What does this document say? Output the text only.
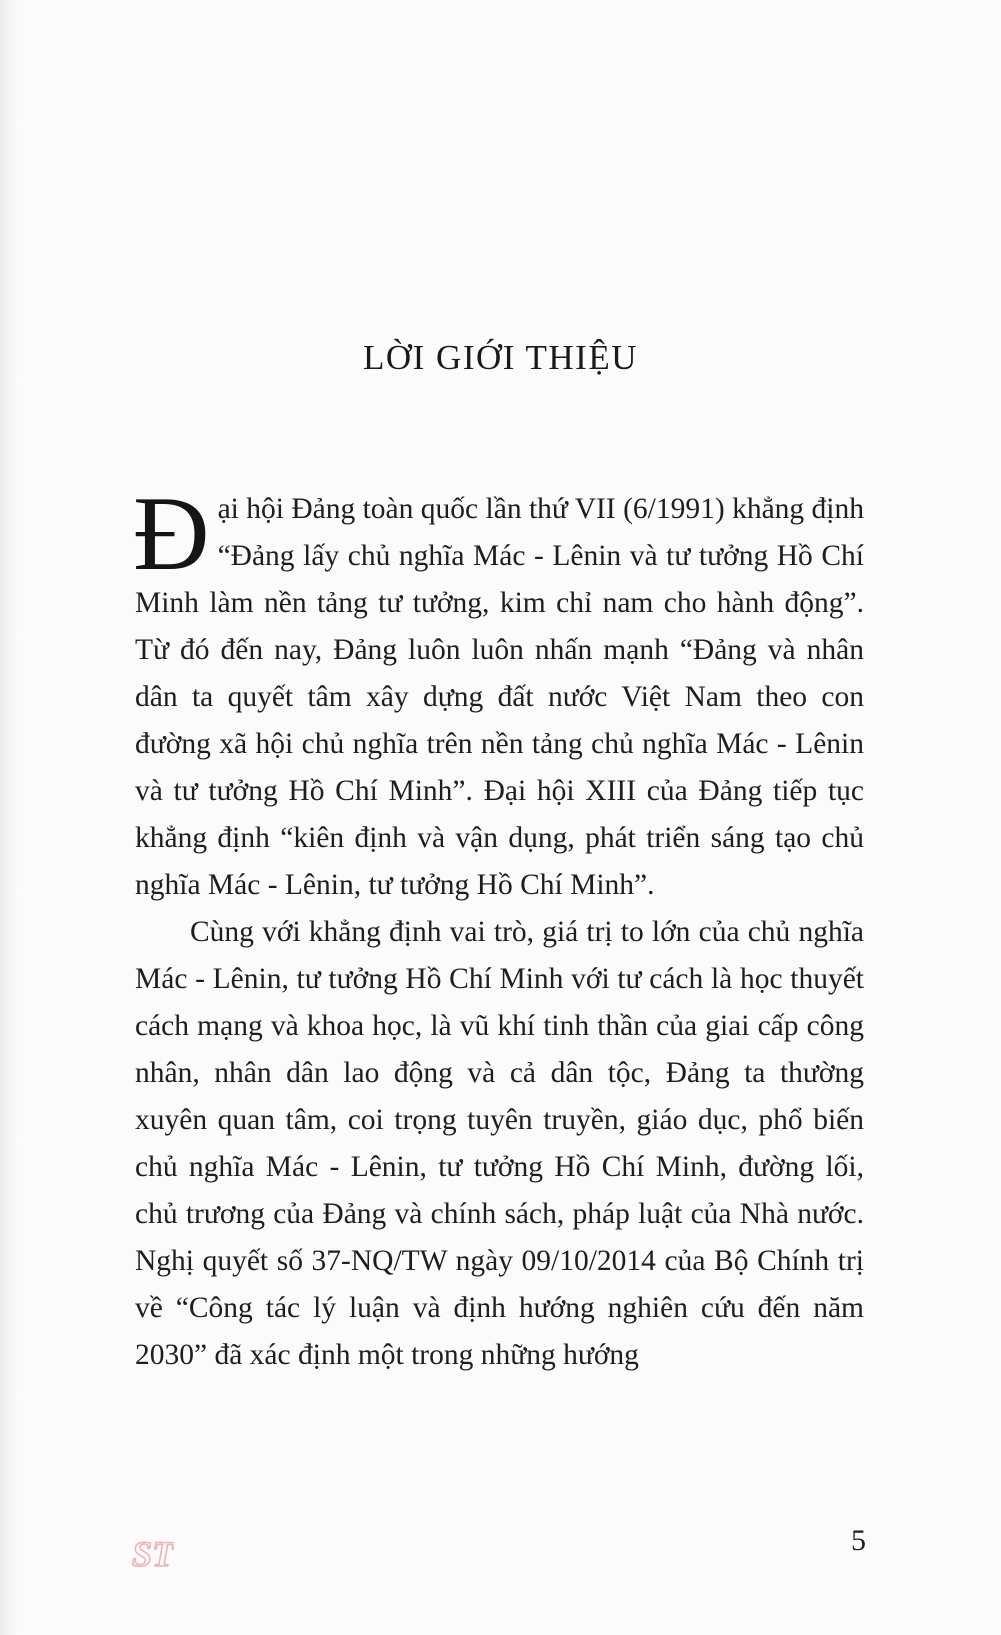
LỜI GIỚI THIỆU

Đại hội Đảng toàn quốc lần thứ VII (6/1991) khẳng định “Đảng lấy chủ nghĩa Mác - Lênin và tư tưởng Hồ Chí Minh làm nền tảng tư tưởng, kim chỉ nam cho hành động”. Từ đó đến nay, Đảng luôn luôn nhấn mạnh “Đảng và nhân dân ta quyết tâm xây dựng đất nước Việt Nam theo con đường xã hội chủ nghĩa trên nền tảng chủ nghĩa Mác - Lênin và tư tưởng Hồ Chí Minh”. Đại hội XIII của Đảng tiếp tục khẳng định “kiên định và vận dụng, phát triển sáng tạo chủ nghĩa Mác - Lênin, tư tưởng Hồ Chí Minh”.

Cùng với khẳng định vai trò, giá trị to lớn của chủ nghĩa Mác - Lênin, tư tưởng Hồ Chí Minh với tư cách là học thuyết cách mạng và khoa học, là vũ khí tinh thần của giai cấp công nhân, nhân dân lao động và cả dân tộc, Đảng ta thường xuyên quan tâm, coi trọng tuyên truyền, giáo dục, phổ biến chủ nghĩa Mác - Lênin, tư tưởng Hồ Chí Minh, đường lối, chủ trương của Đảng và chính sách, pháp luật của Nhà nước. Nghị quyết số 37-NQ/TW ngày 09/10/2014 của Bộ Chính trị về “Công tác lý luận và định hướng nghiên cứu đến năm 2030” đã xác định một trong những hướng

ST	5
